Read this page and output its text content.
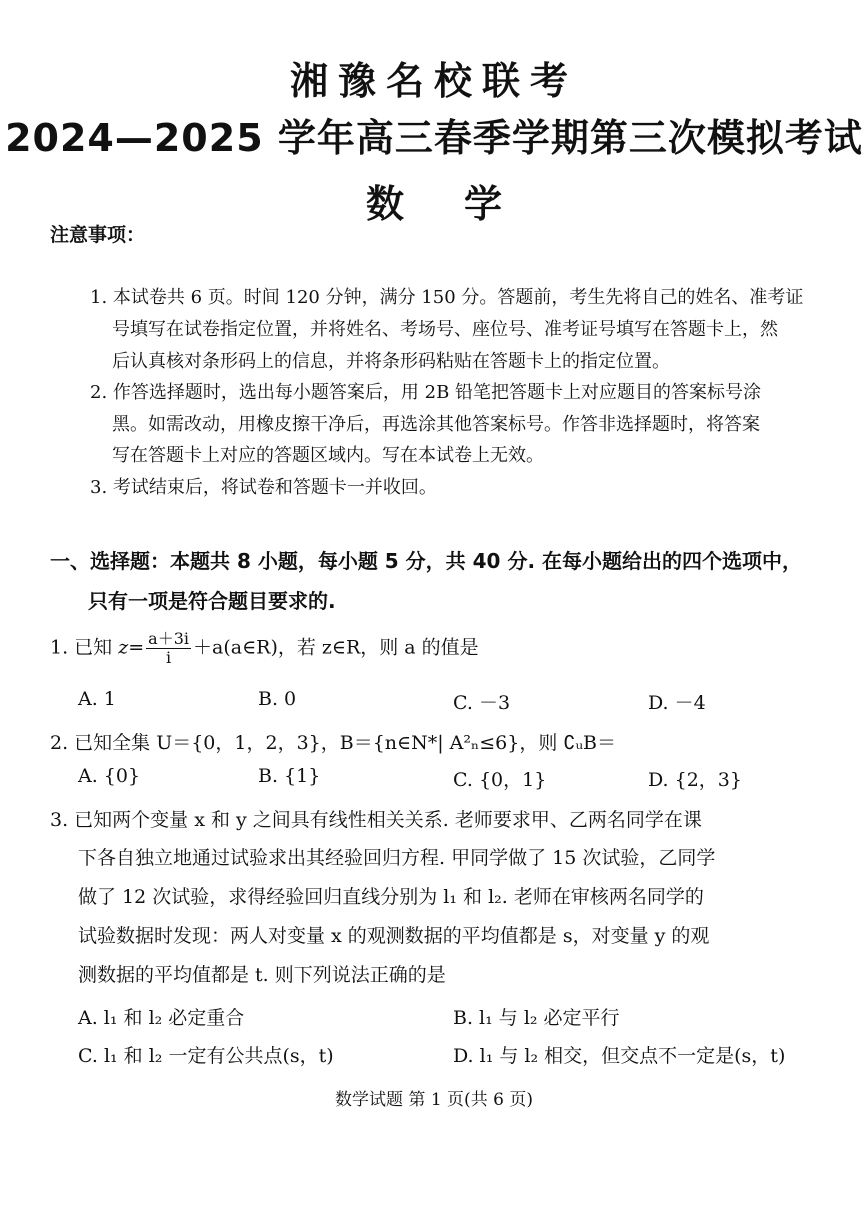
湘豫名校联考
2024—2025 学年高三春季学期第三次模拟考试
数学
注意事项：
1. 本试卷共 6 页。时间 120 分钟，满分 150 分。答题前，考生先将自己的姓名、准考证
号填写在试卷指定位置，并将姓名、考场号、座位号、准考证号填写在答题卡上，然
后认真核对条形码上的信息，并将条形码粘贴在答题卡上的指定位置。
2. 作答选择题时，选出每小题答案后，用 2B 铅笔把答题卡上对应题目的答案标号涂
黑。如需改动，用橡皮擦干净后，再选涂其他答案标号。作答非选择题时，将答案
写在答题卡上对应的答题区域内。写在本试卷上无效。
3. 考试结束后，将试卷和答题卡一并收回。
一、选择题：本题共 8 小题，每小题 5 分，共 40 分. 在每小题给出的四个选项中，
只有一项是符合题目要求的.
1. 已知 $z= \frac{a+3i}{i}$ ＋a(a∈R)，若 z∈R，则 a 的值是
A. 1	B. 0	C. －3	D. －4
2. 已知全集 U＝{0，1，2，3}，B＝{n∈N*| A²ₙ≤6}，则 ∁ᵤB＝
A. {0}	B. {1}	C. {0，1}	D. {2，3}
3. 已知两个变量 x 和 y 之间具有线性相关关系. 老师要求甲、乙两名同学在课
下各自独立地通过试验求出其经验回归方程. 甲同学做了 15 次试验，乙同学
做了 12 次试验，求得经验回归直线分别为 l₁ 和 l₂. 老师在审核两名同学的
试验数据时发现：两人对变量 x 的观测数据的平均值都是 s，对变量 y 的观
测数据的平均值都是 t. 则下列说法正确的是
A. l₁ 和 l₂ 必定重合	B. l₁ 与 l₂ 必定平行
C. l₁ 和 l₂ 一定有公共点(s，t)	D. l₁ 与 l₂ 相交，但交点不一定是(s，t)
数学试题 第 1 页(共 6 页)
